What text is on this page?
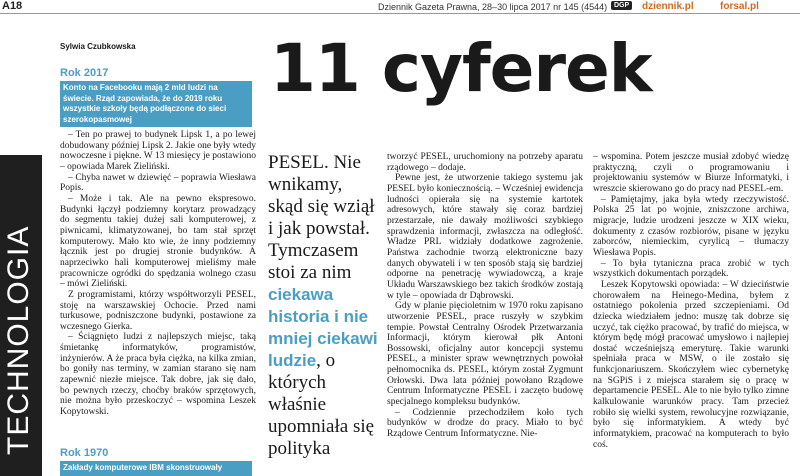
A18	Dziennik Gazeta Prawna, 28–30 lipca 2017 nr 145 (4544) DGP	dziennik.pl	forsal.pl
TECHNOLOGIA
Sylwia Czubkowska
Rok 2017
Konto na Facebooku mają 2 mld ludzi na świecie. Rząd zapowiada, że do 2019 roku wszystkie szkoły będą podłączone do sieci szerokopasmowej

– Ten po prawej to budynek Lipsk 1, a po lewej dobudowany później Lipsk 2. Jakie one były wtedy nowoczesne i piękne. W 13 miesięcy je postawiono – opowiada Marek Zieliński.

– Chyba nawet w dziewięć – poprawia Wiesława Popis.

– Może i tak. Ale na pewno ekspresowo. Budynki łączył podziemny korytarz prowadzący do segmentu takiej dużej sali komputerowej, z piwnicami, klimatyzowanej, bo tam stał sprzęt komputerowy. Mało kto wie, że inny podziemny łącznik jest po drugiej stronie budynków. A naprzeciwko hali komputerowej mieliśmy małe pracownicze ogródki do spędzania wolnego czasu – mówi Zieliński.

Z programistami, którzy współtworzyli PESEL, stoję na warszawskiej Ochocie. Przed nami turkusowe, podniszczone budynki, postawione za wczesnego Gierka.

– Ściągnięto ludzi z najlepszych miejsc, taką śmietankę informatyków, programistów, inżynierów. A że praca była ciężka, na kilka zmian, bo goniły nas terminy, w zamian starano się nam zapewnić niezłe miejsce. Tak dobre, jak się dało, bo pewnych rzeczy, choćby braków sprzętowych, nie można było przeskoczyć – wspomina Leszek Kopytowski.

Rok 1970
Zakłady komputerowe IBM skonstruowały
11 cyferek
PESEL. Nie wnikamy, skąd się wziął i jak powstał. Tymczasem stoi za nim ciekawa historia i nie mniej ciekawi ludzie, o których właśnie upomniała się polityka

tworzyć PESEL, uruchomiony na potrzeby aparatu rządowego – dodaje.

Pewne jest, że utworzenie takiego systemu jak PESEL było koniecznością. – Wcześniej ewidencja ludności opierała się na systemie kartotek adresowych, które stawały się coraz bardziej przestarzałe, nie dawały możliwości szybkiego sprawdzenia informacji, zwłaszcza na odległość. Władze PRL widziały dodatkowe zagrożenie. Państwa zachodnie tworzą elektroniczne bazy danych obywateli i w ten sposób stają się bardziej odporne na penetrację wywiadowczą, a kraje Układu Warszawskiego bez takich środków zostają w tyle – opowiada dr Dąbrowski.

Gdy w planie pięcioletnim w 1970 roku zapisano utworzenie PESEL, prace ruszyły w szybkim tempie. Powstał Centralny Ośrodek Przetwarzania Informacji, którym kierował płk Antoni Bossowski, oficjalny autor koncepcji systemu PESEL, a minister spraw wewnętrznych powołał pełnomocnika ds. PESEL, którym został Zygmunt Orłowski. Dwa lata później powołano Rządowe Centrum Informatyczne PESEL i zaczęto budowę specjalnego kompleksu budynków.

– Codziennie przechodziłem koło tych budynków w drodze do pracy. Miało to być Rządowe Centrum Informatyczne. Nie-

– wspomina. Potem jeszcze musiał zdobyć wiedzę praktyczną, czyli o programowaniu i projektowaniu systemów w Biurze Informatyki, i wreszcie skierowano go do pracy nad PESEL-em.

– Pamiętajmy, jaka była wtedy rzeczywistość. Polska 25 lat po wojnie, zniszczone archiwa, migracje, ludzie urodzeni jeszcze w XIX wieku, dokumenty z czasów rozbiorów, pisane w języku zaborców, niemieckim, cyrylicą – tłumaczy Wiesława Popis.

– To była tytaniczna praca zrobić w tych wszystkich dokumentach porządek.

Leszek Kopytowski opowiada: – W dzieciństwie chorowałem na Heinego-Medina, byłem z ostatniego pokolenia przed szczepieniami. Od dziecka wiedziałem jedno: muszę tak dobrze się uczyć, tak ciężko pracować, by trafić do miejsca, w którym będę mógł pracować umysłowo i najlepiej dostać wcześniejszą emeryturę. Takie warunki spełniała praca w MSW, o ile zostało się funkcjonariuszem. Skończyłem wiec cybernetykę na SGPiS i z miejsca starałem się o pracę w departamencie PESEL. Ale to nie było tylko zimne kalkulowanie warunków pracy. Tam przecież robiło się wielki system, rewolucyjne rozwiązanie, było się informatykiem. A wtedy być informatykiem, pracować na komputerach to było coś.
